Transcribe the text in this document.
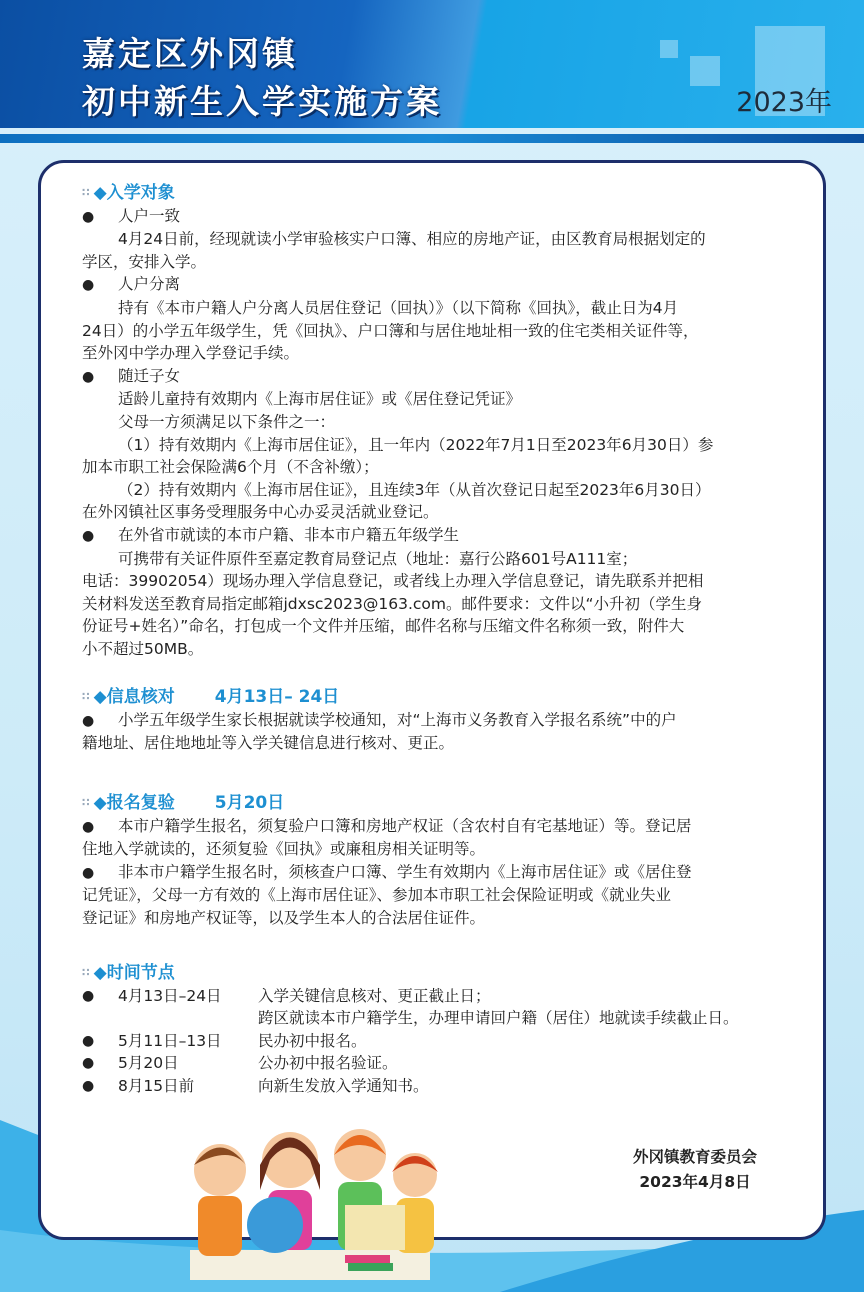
嘉定区外冈镇
初中新生入学实施方案	2023年
∷ ◆ 入学对象
● 人户一致
4月24日前，经现就读小学审验核实户口簿、相应的房地产证，由区教育局根据划定的
学区，安排入学。
● 人户分离
持有《本市户籍人户分离人员居住登记（回执）》（以下简称《回执》，截止日为4月
24日）的小学五年级学生，凭《回执》、户口簿和与居住地址相一致的住宅类相关证件等，
至外冈中学办理入学登记手续。
● 随迁子女
适龄儿童持有效期内《上海市居住证》或《居住登记凭证》
父母一方须满足以下条件之一：
（1）持有效期内《上海市居住证》，且一年内（2022年7月1日至2023年6月30日）参
加本市职工社会保险满6个月（不含补缴）；
（2）持有效期内《上海市居住证》，且连续3年（从首次登记日起至2023年6月30日）
在外冈镇社区事务受理服务中心办妥灵活就业登记。
● 在外省市就读的本市户籍、非本市户籍五年级学生
可携带有关证件原件至嘉定教育局登记点（地址：嘉行公路601号A111室；
电话：39902054）现场办理入学信息登记，或者线上办理入学信息登记，请先联系并把相
关材料发送至教育局指定邮箱jdxsc2023@163.com。邮件要求：文件以“小升初（学生身
份证号+姓名）”命名，打包成一个文件并压缩，邮件名称与压缩文件名称须一致，附件大
小不超过50MB。
∷ ◆ 信息核对 4月13日– 24日
● 小学五年级学生家长根据就读学校通知，对“上海市义务教育入学报名系统”中的户
籍地址、居住地地址等入学关键信息进行核对、更正。
∷ ◆ 报名复验 5月20日
● 本市户籍学生报名，须复验户口簿和房地产权证（含农村自有宅基地证）等。登记居
住地入学就读的，还须复验《回执》或廉租房相关证明等。
● 非本市户籍学生报名时，须核查户口簿、学生有效期内《上海市居住证》或《居住登
记凭证》，父母一方有效的《上海市居住证》、参加本市职工社会保险证明或《就业失业
登记证》和房地产权证等，以及学生本人的合法居住证件。
∷ ◆ 时间节点
●	4月13日–24日	入学关键信息核对、更正截止日；
跨区就读本市户籍学生，办理申请回户籍（居住）地就读手续截止日。
●	5月11日–13日	民办初中报名。
●	5月20日	公办初中报名验证。
●	8月15日前	向新生发放入学通知书。
外冈镇教育委员会
2023年4月8日
